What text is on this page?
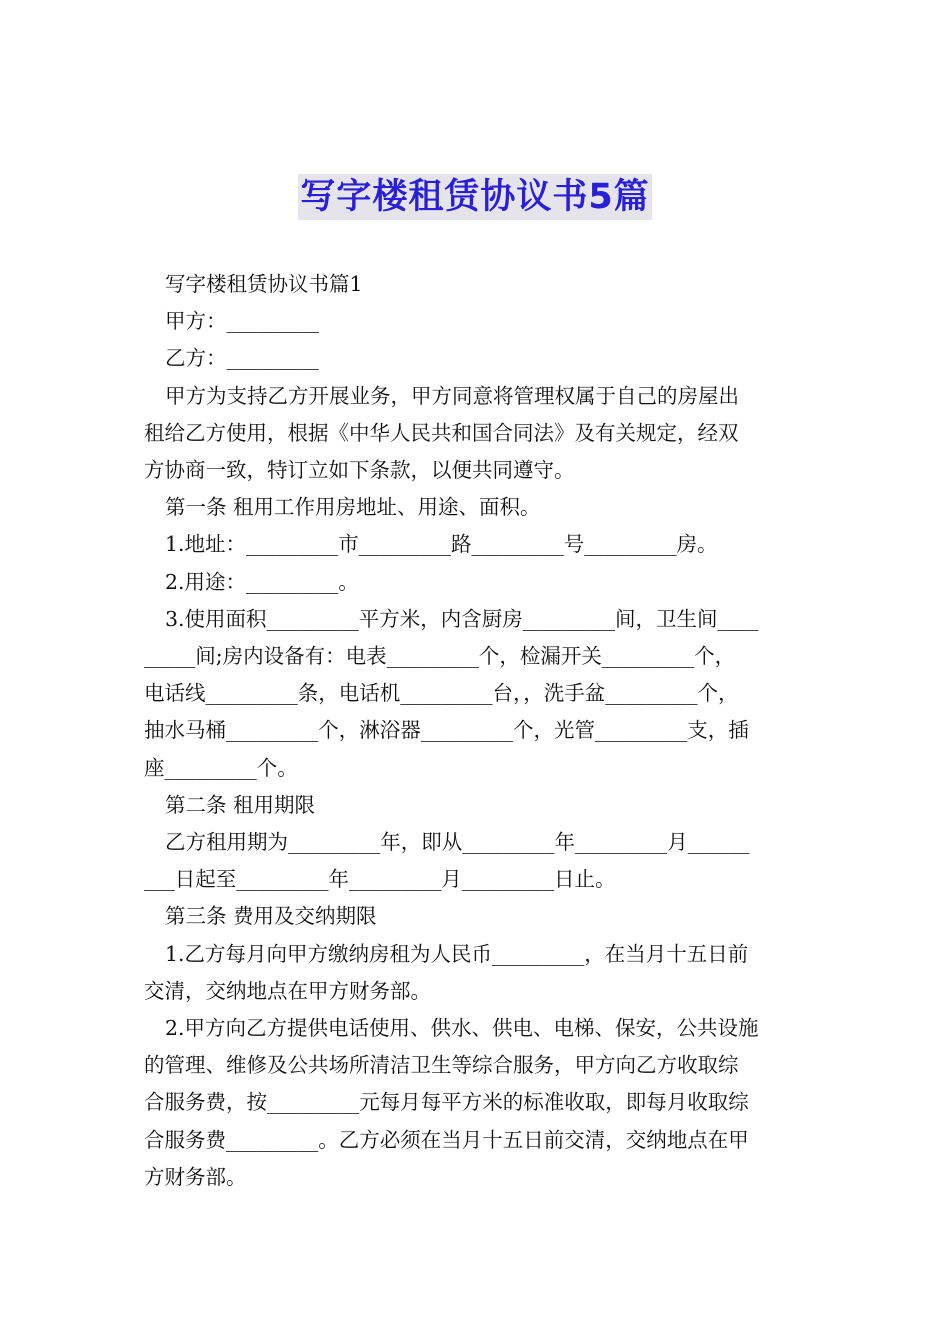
写字楼租赁协议书5篇

写字楼租赁协议书篇1

甲方：_________

乙方：_________

甲方为支持乙方开展业务，甲方同意将管理权属于自己的房屋出

租给乙方使用，根据《中华人民共和国合同法》及有关规定，经双

方协商一致，特订立如下条款，以便共同遵守。

第一条 租用工作用房地址、用途、面积。

1.地址：_________市_________路_________号_________房。

2.用途：_________。

3.使用面积_________平方米，内含厨房_________间，卫生间____

_____间;房内设备有：电表_________个，检漏开关_________个，

电话线_________条，电话机_________台，，洗手盆_________个，

抽水马桶_________个，淋浴器_________个，光管_________支，插

座_________个。

第二条 租用期限

乙方租用期为_________年，即从_________年_________月______

___日起至_________年_________月_________日止。

第三条 费用及交纳期限

1.乙方每月向甲方缴纳房租为人民币_________，在当月十五日前

交清，交纳地点在甲方财务部。

2.甲方向乙方提供电话使用、供水、供电、电梯、保安，公共设施

的管理、维修及公共场所清洁卫生等综合服务，甲方向乙方收取综

合服务费，按_________元每月每平方米的标准收取，即每月收取综

合服务费_________。乙方必须在当月十五日前交清，交纳地点在甲

方财务部。
